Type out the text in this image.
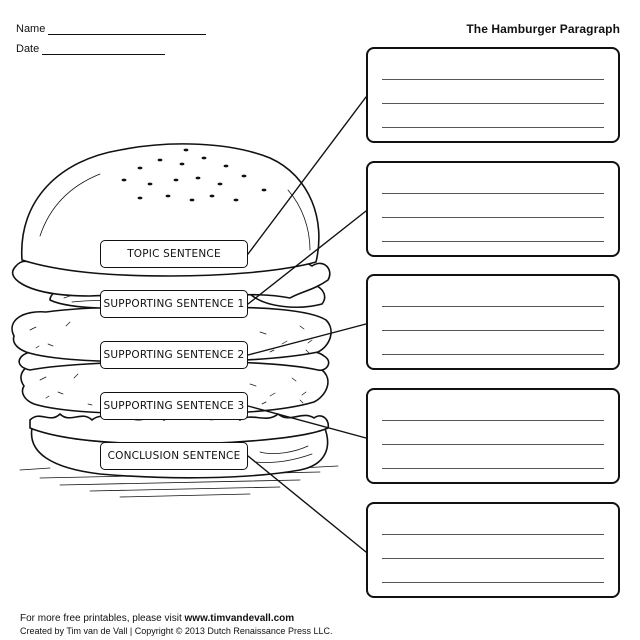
Name
Date
The Hamburger Paragraph
TOPIC SENTENCE
SUPPORTING SENTENCE 1
SUPPORTING SENTENCE 2
SUPPORTING SENTENCE 3
CONCLUSION SENTENCE
For more free printables, please visit www.timvandevall.com
Created by Tim van de Vall | Copyright © 2013 Dutch Renaissance Press LLC.
